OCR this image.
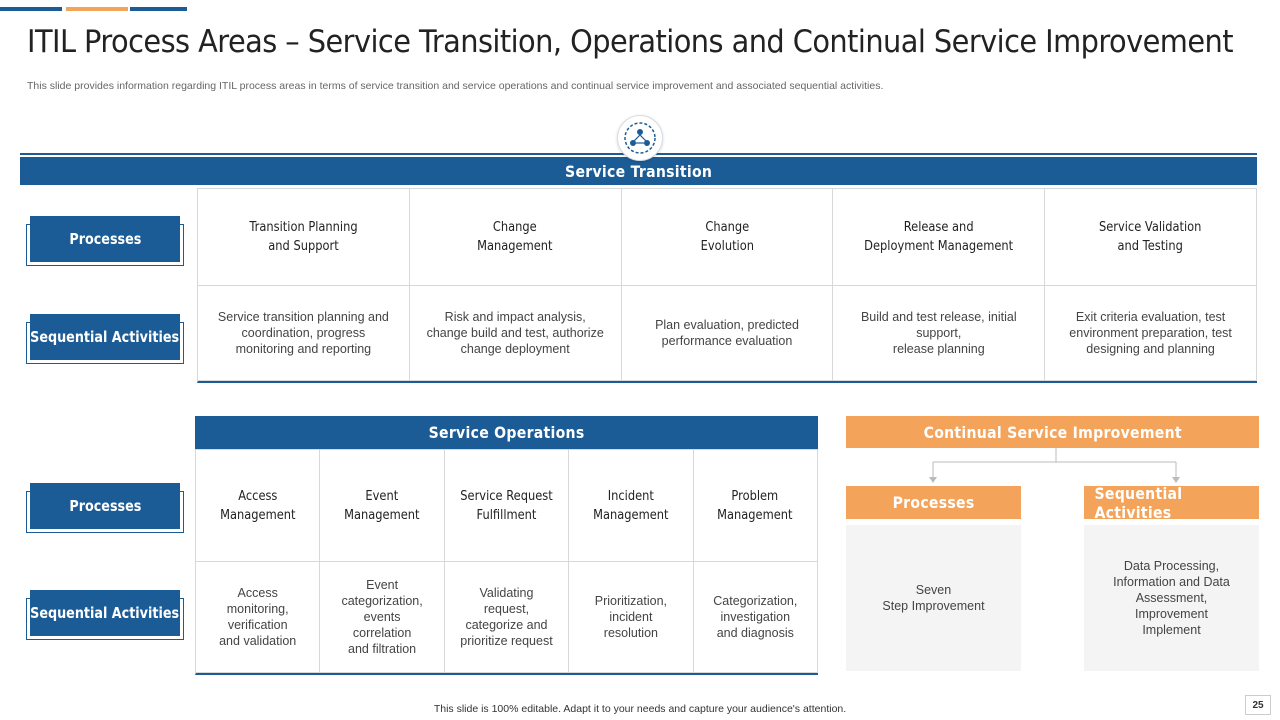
ITIL Process Areas – Service Transition, Operations and Continual Service Improvement
This slide provides information regarding ITIL process areas in terms of service transition and service operations and continual service improvement and associated sequential activities.
Service Transition
Processes
Sequential Activities
Transition Planning
and Support
Change
Management
Change
Evolution
Release and
Deployment Management
Service Validation
and Testing
Service transition planning and
coordination, progress
monitoring and reporting
Risk and impact analysis,
change build and test, authorize
change deployment
Plan evaluation, predicted
performance evaluation
Build and test release, initial
support,
release planning
Exit criteria evaluation, test
environment preparation, test
designing and planning
Processes
Sequential Activities
Service Operations
Access
Management
Event
Management
Service Request
Fulfillment
Incident
Management
Problem
Management
Access
monitoring,
verification
and validation
Event
categorization,
events
correlation
and filtration
Validating
request,
categorize and
prioritize request
Prioritization,
incident
resolution
Categorization,
investigation
and diagnosis
Continual Service Improvement
Processes	Sequential Activities
Seven
Step Improvement
Data Processing,
Information and Data
Assessment,
Improvement
Implement
This slide is 100% editable. Adapt it to your needs and capture your audience's attention.	25
